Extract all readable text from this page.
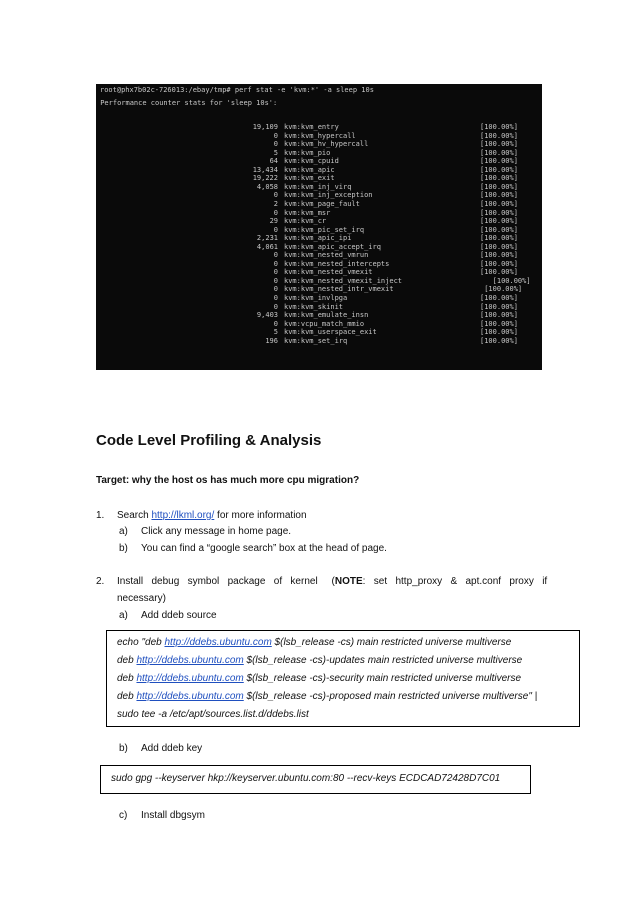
root@phx7b02c-726013:/ebay/tmp# perf stat -e 'kvm:*' -a sleep 10s
Performance counter stats for 'sleep 10s':
19,109 kvm:kvm_entry	[100.00%]
0 kvm:kvm_hypercall	[100.00%]
0 kvm:kvm_hv_hypercall	[100.00%]
5 kvm:kvm_pio	[100.00%]
64 kvm:kvm_cpuid	[100.00%]
13,434 kvm:kvm_apic	[100.00%]
19,222 kvm:kvm_exit	[100.00%]
4,058 kvm:kvm_inj_virq	[100.00%]
0 kvm:kvm_inj_exception	[100.00%]
2 kvm:kvm_page_fault	[100.00%]
0 kvm:kvm_msr	[100.00%]
29 kvm:kvm_cr	[100.00%]
0 kvm:kvm_pic_set_irq	[100.00%]
2,231 kvm:kvm_apic_ipi	[100.00%]
4,061 kvm:kvm_apic_accept_irq	[100.00%]
0 kvm:kvm_nested_vmrun	[100.00%]
0 kvm:kvm_nested_intercepts	[100.00%]
0 kvm:kvm_nested_vmexit	[100.00%]
0 kvm:kvm_nested_vmexit_inject	[100.00%]
0 kvm:kvm_nested_intr_vmexit	[100.00%]
0 kvm:kvm_invlpga	[100.00%]
0 kvm:kvm_skinit	[100.00%]
9,403 kvm:kvm_emulate_insn	[100.00%]
0 kvm:vcpu_match_mmio	[100.00%]
5 kvm:kvm_userspace_exit	[100.00%]
196 kvm:kvm_set_irq	[100.00%]
Code Level Profiling & Analysis
Target: why the host os has much more cpu migration?
1. Search http://lkml.org/ for more information
a) Click any message in home page.
b) You can find a “google search” box at the head of page.
2. Install   debug   symbol   package   of   kernel     (NOTE:   set   http_proxy   &   apt.conf   proxy   if
necessary)
a) Add ddeb source
echo "deb http://ddebs.ubuntu.com $(lsb_release -cs) main restricted universe multiverse
deb http://ddebs.ubuntu.com $(lsb_release -cs)-updates main restricted universe multiverse
deb http://ddebs.ubuntu.com $(lsb_release -cs)-security main restricted universe multiverse
deb http://ddebs.ubuntu.com $(lsb_release -cs)-proposed main restricted universe multiverse" |
sudo tee -a /etc/apt/sources.list.d/ddebs.list
b) Add ddeb key
sudo gpg --keyserver hkp://keyserver.ubuntu.com:80 --recv-keys ECDCAD72428D7C01
c) Install dbgsym
